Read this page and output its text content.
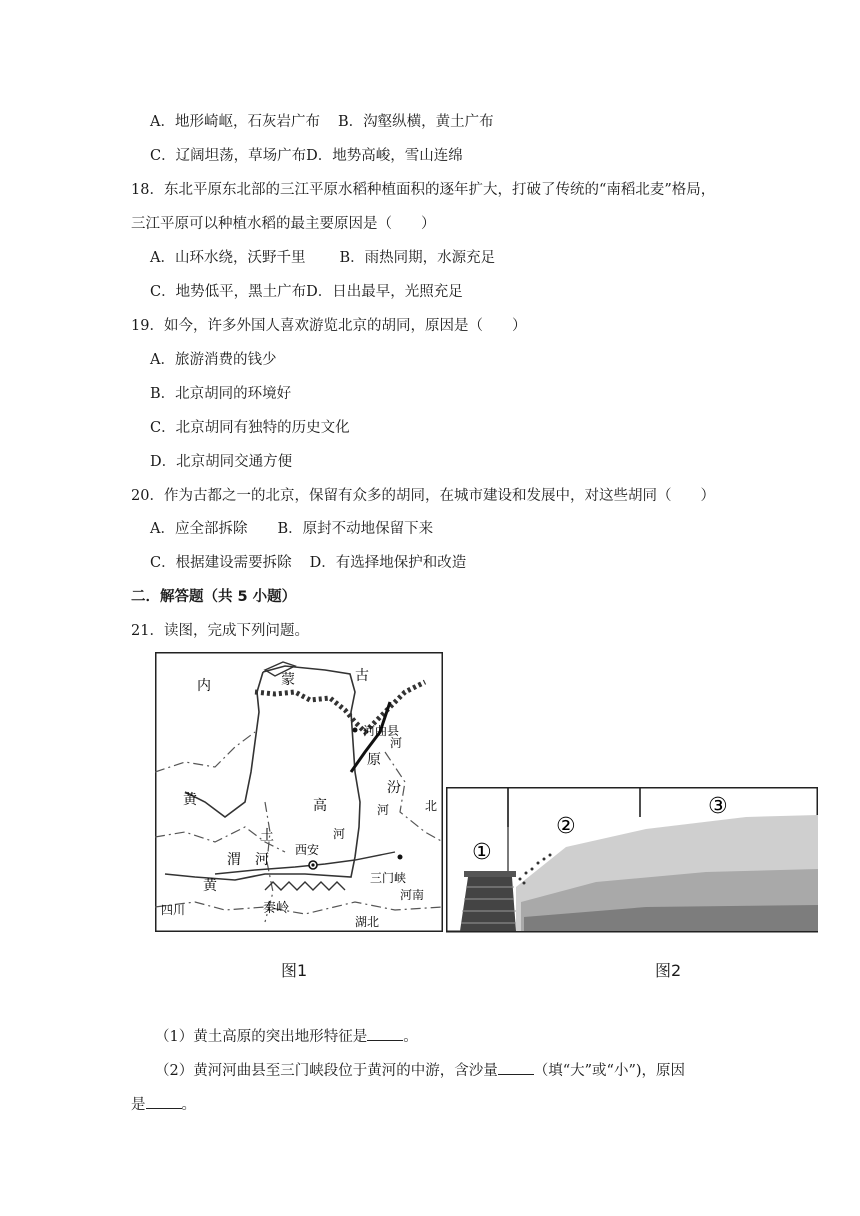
A．地形崎岖，石灰岩广布 B．沟壑纵横，黄土广布
C．辽阔坦荡，草场广布D．地势高峻，雪山连绵
18．东北平原东北部的三江平原水稻种植面积的逐年扩大，打破了传统的“南稻北麦”格局，
三江平原可以种植水稻的最主要原因是（　　）
A．山环水绕，沃野千里 B．雨热同期，水源充足
C．地势低平，黑土广布D．日出最早，光照充足
19．如今，许多外国人喜欢游览北京的胡同，原因是（　　）
A．旅游消费的钱少
B．北京胡同的环境好
C．北京胡同有独特的历史文化
D．北京胡同交通方便
20．作为古都之一的北京，保留有众多的胡同，在城市建设和发展中，对这些胡同（　　）
A．应全部拆除 B．原封不动地保留下来
C．根据建设需要拆除 D．有选择地保护和改造
二．解答题（共 5 小题）
21．读图，完成下列问题。
内	蒙	古
河曲县
河
黄
土
高
原
汾
河
河
北
西安
渭 河
三门峡
河南
黄
四川	秦岭
湖北
①
②
③
图1	图2
（1）黄土高原的突出地形特征是 。
（2）黄河河曲县至三门峡段位于黄河的中游，含沙量 （填“大”或“小”)，原因
是 。
